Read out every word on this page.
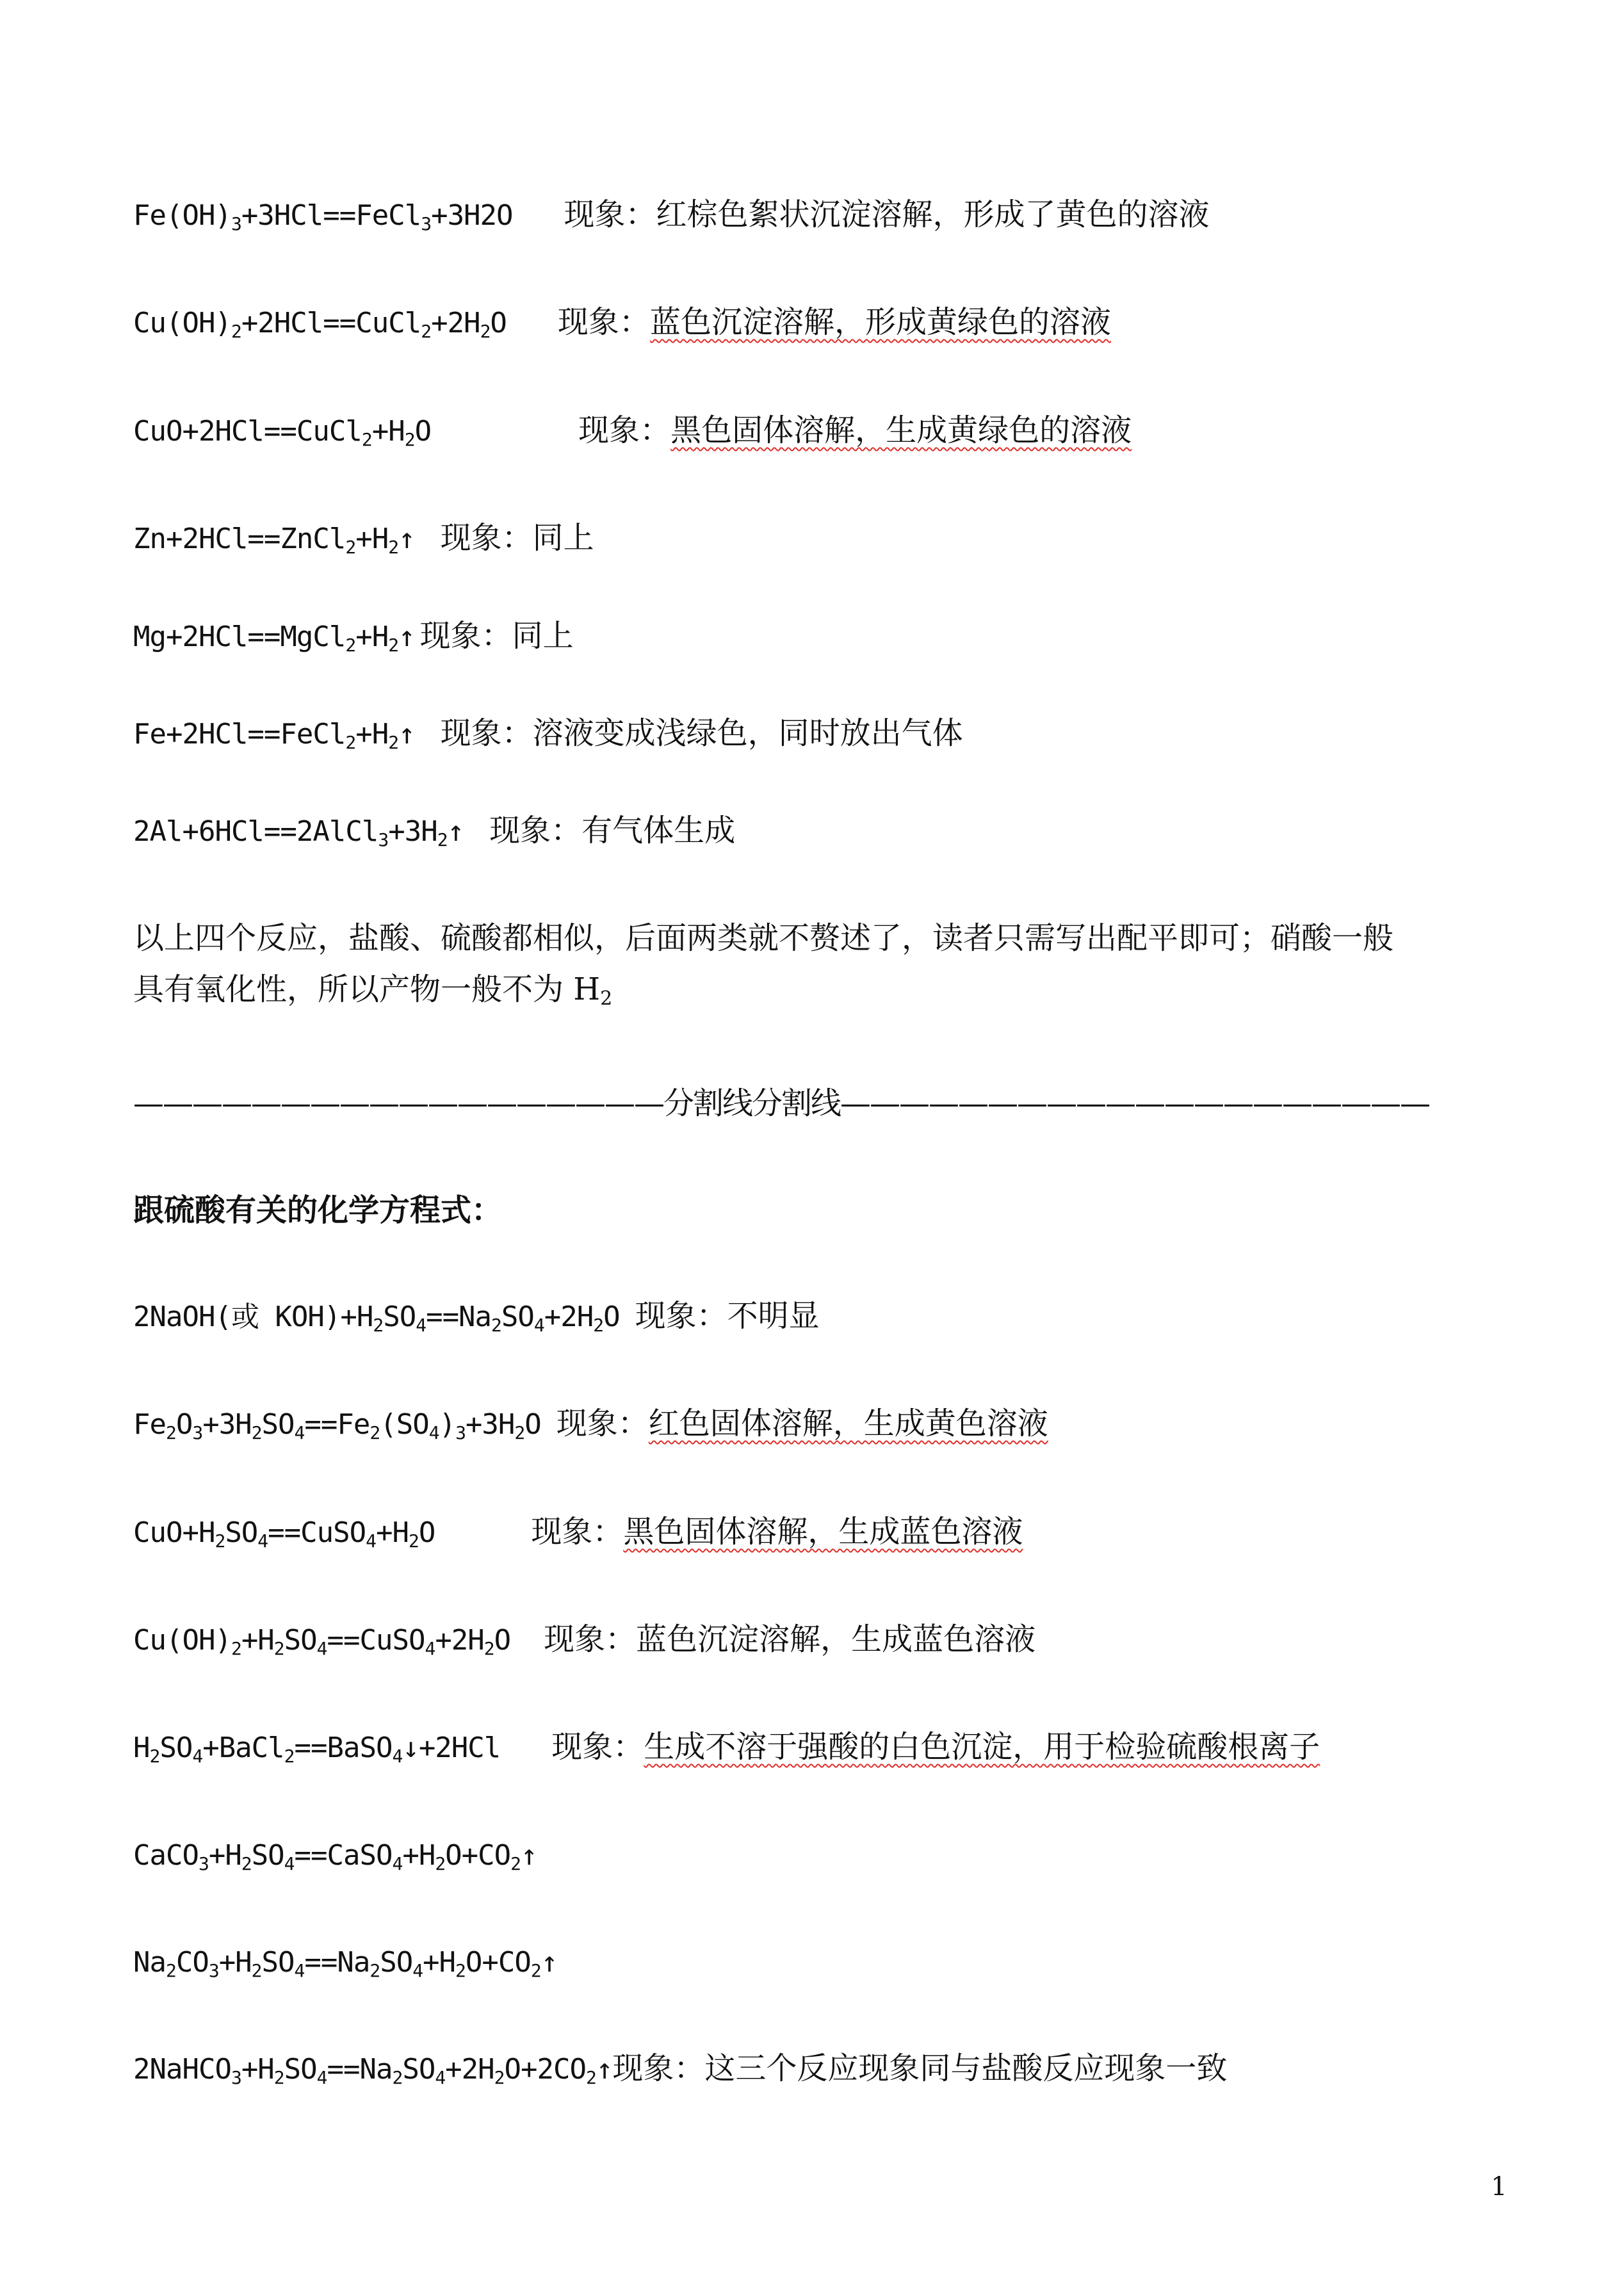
$Fe(OH)_3+3HCl==FeCl_3+3H2O$ 现象：红棕色絮状沉淀溶解，形成了黄色的溶液
$Cu(OH)_2+2HCl==CuCl_2+2H_2O$ 现象：蓝色沉淀溶解，形成黄绿色的溶液
$CuO+2HCl==CuCl_2+H_2O$	现象：黑色固体溶解，生成黄绿色的溶液
$Zn+2HCl==ZnCl_2+H_2↑$ 现象：同上
$Mg+2HCl==MgCl_2+H_2↑$ 现象：同上
$Fe+2HCl==FeCl_2+H_2↑$ 现象：溶液变成浅绿色，同时放出气体
$2Al+6HCl==2AlCl_3+3H_2↑$ 现象：有气体生成
以上四个反应，盐酸、硫酸都相似，后面两类就不赘述了，读者只需写出配平即可；硝酸一般
具有氧化性，所以产物一般不为 $H_2$
——————————————————分割线分割线————————————————————
跟硫酸有关的化学方程式：
2NaOH(或 $KOH)+H_2SO_4==Na_2SO_4+2H_2O$ 现象：不明显
$Fe_2O_3+3H_2SO_4==Fe_2(SO_4)_3+3H_2O$ 现象：红色固体溶解，生成黄色溶液
$CuO+H_2SO_4==CuSO_4+H_2O$	现象：黑色固体溶解，生成蓝色溶液
$Cu(OH)_2+H_2SO_4==CuSO_4+2H_2O$ 现象：蓝色沉淀溶解，生成蓝色溶液
$H_2SO_4+BaCl_2==BaSO_4↓+2HCl$ 现象：生成不溶于强酸的白色沉淀，用于检验硫酸根离子
$CaCO_3+H_2SO_4==CaSO_4+H_2O+CO_2↑$
$Na_2CO_3+H_2SO_4==Na_2SO_4+H_2O+CO_2↑$
$2NaHCO_3+H_2SO_4==Na_2SO_4+2H_2O+2CO_2↑$现象：这三个反应现象同与盐酸反应现象一致
1
